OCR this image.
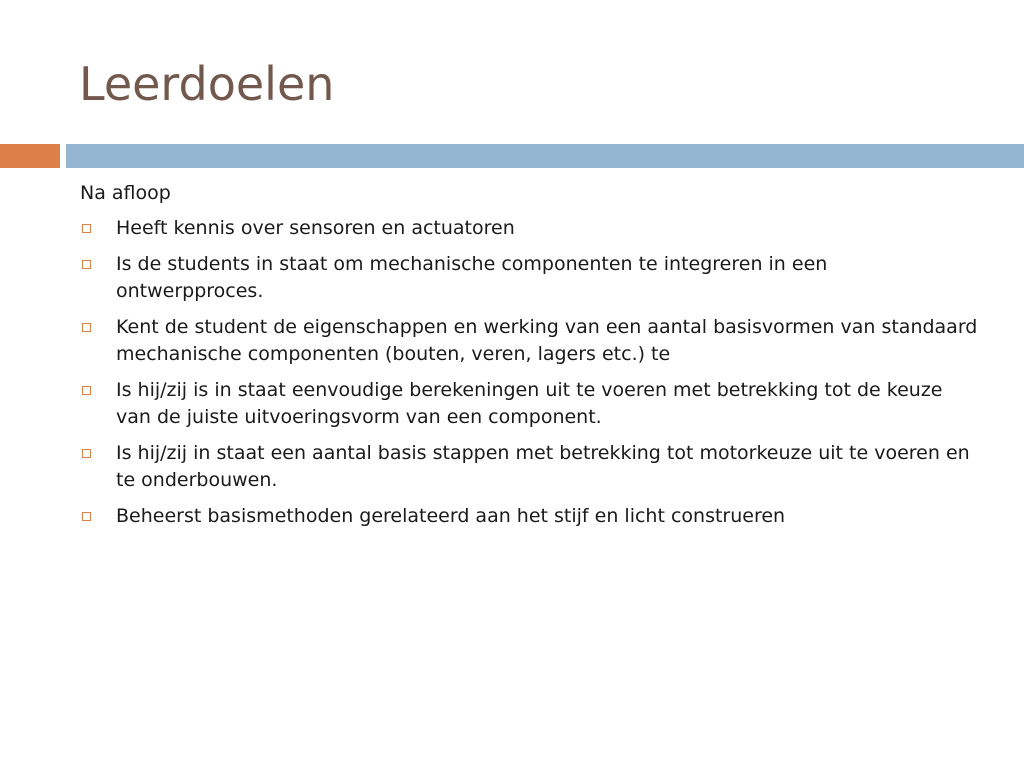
Leerdoelen

Na afloop

Heeft kennis over sensoren en actuatoren
Is de students in staat om mechanische componenten te integreren in een ontwerpproces.
Kent de student de eigenschappen en werking van een aantal basisvormen van standaard mechanische componenten (bouten, veren, lagers etc.) te
Is hij/zij is in staat eenvoudige berekeningen uit te voeren met betrekking tot de keuze van de juiste uitvoeringsvorm van een component.
Is hij/zij in staat een aantal basis stappen met betrekking tot motorkeuze uit te voeren en te onderbouwen.
Beheerst basismethoden gerelateerd aan het stijf en licht construeren
